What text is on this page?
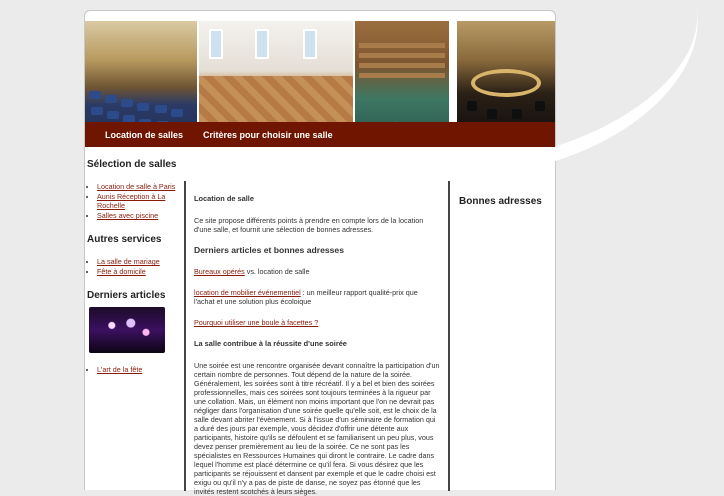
Location de salles Critères pour choisir une salle
Sélection de salles
• Location de salle à Paris
• Aunis Réception à La Rochelle
• Salles avec piscine
Autres services
• La salle de mariage
• Fête à domicile
Derniers articles
• L'art de la fête
Location de salle

Ce site propose différents points à prendre en compte lors de la location d'une salle, et fournit une sélection de bonnes adresses.

Derniers articles et bonnes adresses

Bureaux opérés vs. location de salle

location de mobilier événementiel : un meilleur rapport qualité-prix que l'achat et une solution plus écoloique

Pourquoi utiliser une boule à facettes ?

La salle contribue à la réussite d'une soirée

Une soirée est une rencontre organisée devant connaître la participation d'un certain nombre de personnes. Tout dépend de la nature de la soirée. Généralement, les soirées sont à titre récréatif. Il y a bel et bien des soirées professionnelles, mais ces soirées sont toujours terminées à la rigueur par une collation. Mais, un élément non moins important que l'on ne devrait pas négliger dans l'organisation d'une soirée quelle qu'elle soit, est le choix de la salle devant abriter l'évènement. Si à l'issue d'un séminaire de formation qui a duré des jours par exemple, vous décidez d'offrir une détente aux participants, histoire qu'ils se défoulent et se familiarisent un peu plus, vous devez penser premièrement au lieu de la soirée. Ce ne sont pas les spécialistes en Ressources Humaines qui diront le contraire. Le cadre dans lequel l'homme est placé détermine ce qu'il fera. Si vous désirez que les participants se réjouissent et dansent par exemple et que le cadre choisi est exigu ou qu'il n'y a pas de piste de danse, ne soyez pas étonné que les invités restent scotchés à leurs sièges.

Bonnes adresses
